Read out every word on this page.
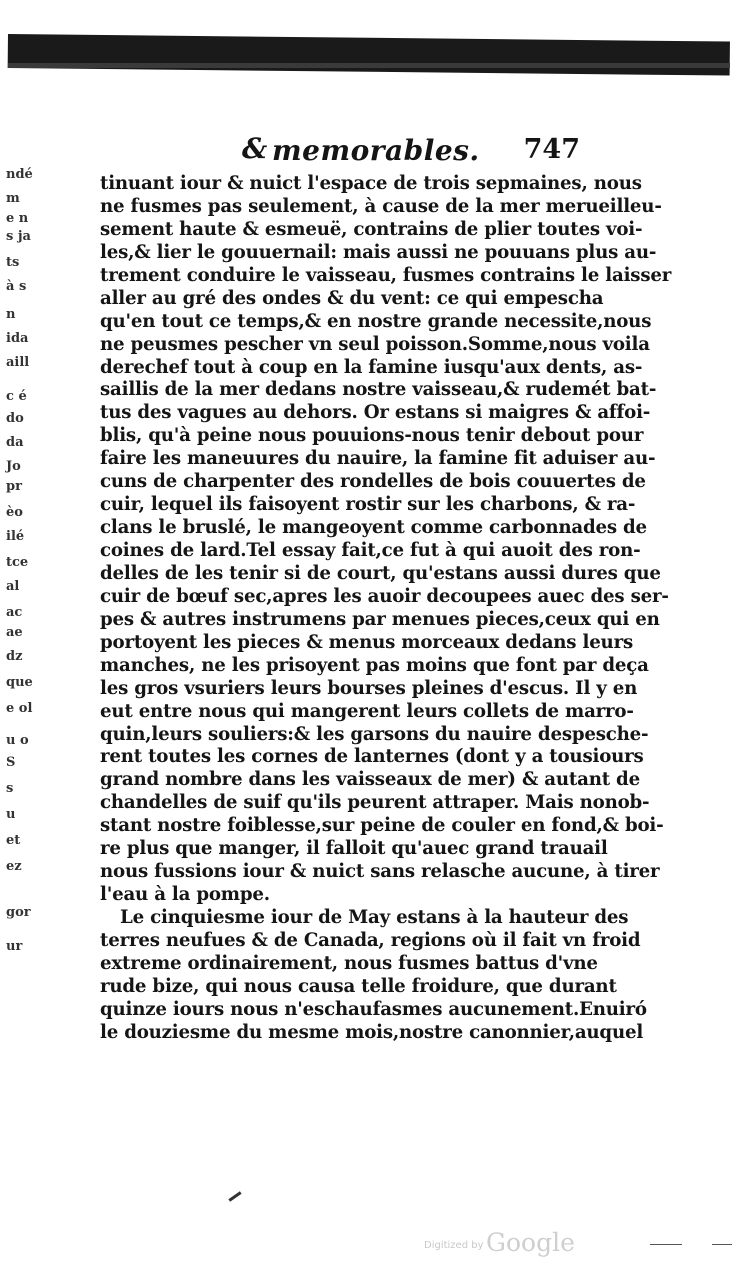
ndé
m
e n
s ja
ts
à s
n
ida
aill
c é
do
da
Jo
pr
èo
ilé
tce
al
ac
ae
dz
que
e ol
u o
S
s
u
et
ez
gor
ur
& memorables. 747
tinuant iour & nuict l'espace de trois sepmaines, nous
ne fusmes pas seulement, à cause de la mer merueilleu-
sement haute & esmeuë, contrains de plier toutes voi-
les,& lier le gouuernail: mais aussi ne pouuans plus au-
trement conduire le vaisseau, fusmes contrains le laisser
aller au gré des ondes & du vent: ce qui empescha
qu'en tout ce temps,& en nostre grande necessite,nous
ne peusmes pescher vn seul poisson.Somme,nous voila
derechef tout à coup en la famine iusqu'aux dents, as-
saillis de la mer dedans nostre vaisseau,& rudemét bat-
tus des vagues au dehors. Or estans si maigres & affoi-
blis, qu'à peine nous pouuions-nous tenir debout pour
faire les maneuures du nauire, la famine fit aduiser au-
cuns de charpenter des rondelles de bois couuertes de
cuir, lequel ils faisoyent rostir sur les charbons, & ra-
clans le bruslé, le mangeoyent comme carbonnades de
coines de lard.Tel essay fait,ce fut à qui auoit des ron-
delles de les tenir si de court, qu'estans aussi dures que
cuir de bœuf sec,apres les auoir decoupees auec des ser-
pes & autres instrumens par menues pieces,ceux qui en
portoyent les pieces & menus morceaux dedans leurs
manches, ne les prisoyent pas moins que font par deça
les gros vsuriers leurs bourses pleines d'escus. Il y en
eut entre nous qui mangerent leurs collets de marro-
quin,leurs souliers:& les garsons du nauire despesche-
rent toutes les cornes de lanternes (dont y a tousiours
grand nombre dans les vaisseaux de mer) & autant de
chandelles de suif qu'ils peurent attraper. Mais nonob-
stant nostre foiblesse,sur peine de couler en fond,& boi-
re plus que manger, il falloit qu'auec grand trauail
nous fussions iour & nuict sans relasche aucune, à tirer
l'eau à la pompe.
Le cinquiesme iour de May estans à la hauteur des
terres neufues & de Canada, regions où il fait vn froid
extreme ordinairement, nous fusmes battus d'vne
rude bize, qui nous causa telle froidure, que durant
quinze iours nous n'eschaufasmes aucunement.Enuiró
le douziesme du mesme mois,nostre canonnier,auquel
Digitized by Google
